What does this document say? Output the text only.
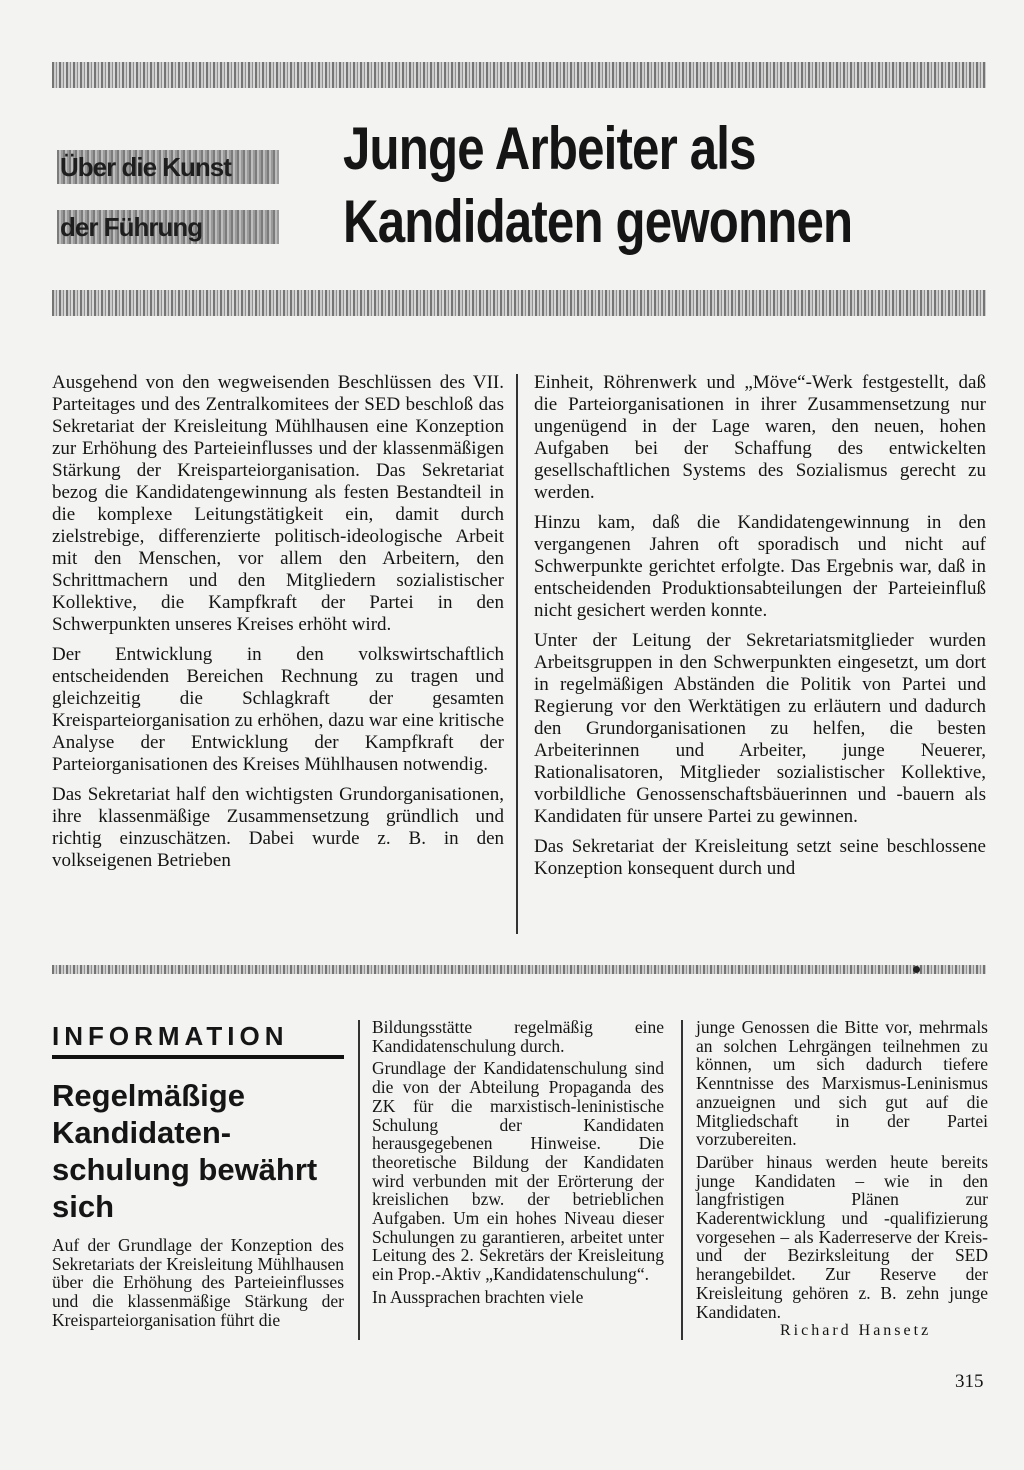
Über die Kunst
der Führung
Junge Arbeiter als
Kandidaten gewonnen

Ausgehend von den wegweisenden Beschlüssen des VII. Parteitages und des Zentralkomitees der SED beschloß das Sekretariat der Kreisleitung Mühlhausen eine Konzeption zur Erhöhung des Parteieinflusses und der klassenmäßigen Stärkung der Kreisparteiorganisation. Das Sekretariat bezog die Kandidatengewinnung als festen Bestandteil in die komplexe Leitungstätigkeit ein, damit durch zielstrebige, differenzierte politisch-ideologische Arbeit mit den Menschen, vor allem den Arbeitern, den Schrittmachern und den Mitgliedern sozialistischer Kollektive, die Kampfkraft der Partei in den Schwerpunkten unseres Kreises erhöht wird.

Der Entwicklung in den volkswirtschaftlich entscheidenden Bereichen Rechnung zu tragen und gleichzeitig die Schlagkraft der gesamten Kreisparteiorganisation zu erhöhen, dazu war eine kritische Analyse der Entwicklung der Kampfkraft der Parteiorganisationen des Kreises Mühlhausen notwendig.

Das Sekretariat half den wichtigsten Grundorganisationen, ihre klassenmäßige Zusammensetzung gründlich und richtig einzuschätzen. Dabei wurde z. B. in den volkseigenen Betrieben

Einheit, Röhrenwerk und „Möve“-Werk festgestellt, daß die Parteiorganisationen in ihrer Zusammensetzung nur ungenügend in der Lage waren, den neuen, hohen Aufgaben bei der Schaffung des entwickelten gesellschaftlichen Systems des Sozialismus gerecht zu werden.

Hinzu kam, daß die Kandidatengewinnung in den vergangenen Jahren oft sporadisch und nicht auf Schwerpunkte gerichtet erfolgte. Das Ergebnis war, daß in entscheidenden Produktionsabteilungen der Parteieinfluß nicht gesichert werden konnte.

Unter der Leitung der Sekretariatsmitglieder wurden Arbeitsgruppen in den Schwerpunkten eingesetzt, um dort in regelmäßigen Abständen die Politik von Partei und Regierung vor den Werktätigen zu erläutern und dadurch den Grundorganisationen zu helfen, die besten Arbeiterinnen und Arbeiter, junge Neuerer, Rationalisatoren, Mitglieder sozialistischer Kollektive, vorbildliche Genossenschaftsbäuerinnen und -bauern als Kandidaten für unsere Partei zu gewinnen.

Das Sekretariat der Kreisleitung setzt seine beschlossene Konzeption konsequent durch und

INFORMATION
Regelmäßige Kandidatenschulung bewährt sich

Auf der Grundlage der Konzeption des Sekretariats der Kreisleitung Mühlhausen über die Erhöhung des Parteieinflusses und die klassenmäßige Stärkung der Kreisparteiorganisation führt die

Bildungsstätte regelmäßig eine Kandidatenschulung durch.

Grundlage der Kandidatenschulung sind die von der Abteilung Propaganda des ZK für die marxistisch-leninistische Schulung der Kandidaten herausgegebenen Hinweise. Die theoretische Bildung der Kandidaten wird verbunden mit der Erörterung der kreislichen bzw. der betrieblichen Aufgaben. Um ein hohes Niveau dieser Schulungen zu garantieren, arbeitet unter Leitung des 2. Sekretärs der Kreisleitung ein Prop.-Aktiv „Kandidatenschulung“.

In Aussprachen brachten viele

junge Genossen die Bitte vor, mehrmals an solchen Lehrgängen teilnehmen zu können, um sich dadurch tiefere Kenntnisse des Marxismus-Leninismus anzueignen und sich gut auf die Mitgliedschaft in der Partei vorzubereiten.

Darüber hinaus werden heute bereits junge Kandidaten – wie in den langfristigen Plänen zur Kaderentwicklung und -qualifizierung vorgesehen – als Kaderreserve der Kreis- und der Bezirksleitung der SED herangebildet. Zur Reserve der Kreisleitung gehören z. B. zehn junge Kandidaten.

Richard Hansetz
315
